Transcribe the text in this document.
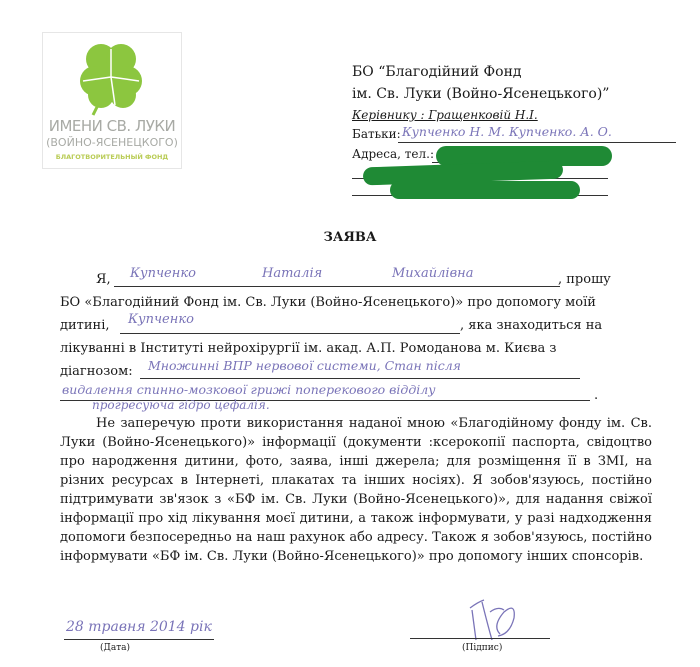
ИМЕНИ СВ. ЛУКИ
(ВОЙНО-ЯСЕНЕЦКОГО)
БЛАГОТВОРИТЕЛЬНЫЙ ФОНД
БО “Благодійний Фонд
ім. Св. Луки (Войно-Ясенецького)”
Керівнику : Гращенковій Н.І.
Батьки: Купченко Н. М. Купченко. А. О.
Адреса, тел.:
ЗАЯВА
Я, Купченко	Наталія	Михайлівна	, прошу
БО «Благодійний Фонд ім. Св. Луки (Войно-Ясенецького)» про допомогу моїй
дитині, Купченко	, яка знаходиться на
лікуванні в Інституті нейрохірургії ім. акад. А.П. Ромоданова м. Києва з
діагнозом: Множинні ВПР нервової системи, Стан після
видалення спинно-мозкової грижі поперекового відділу	.
прогресуюча гідро цефалія.
Не заперечую проти використання наданої мною «Благодійному фонду ім. Св. Луки (Войно-Ясенецького)» інформації (документи :ксерокопії паспорта, свідоцтво про народження дитини, фото, заява, інші джерела; для розміщення її в ЗМІ, на різних ресурсах в Інтернеті, плакатах та інших носіях). Я зобов'язуюсь, постійно підтримувати зв'язок з «БФ ім. Св. Луки (Войно-Ясенецького)», для надання свіжої інформації про хід лікування моєї дитини, а також інформувати, у разі надходження допомоги безпосередньо на наш рахунок або адресу. Також я зобов'язуюсь, постійно інформувати «БФ ім. Св. Луки (Войно-Ясенецького)» про допомогу інших спонсорів.
28 травня 2014 рік
(Дата)	(Підпис)
